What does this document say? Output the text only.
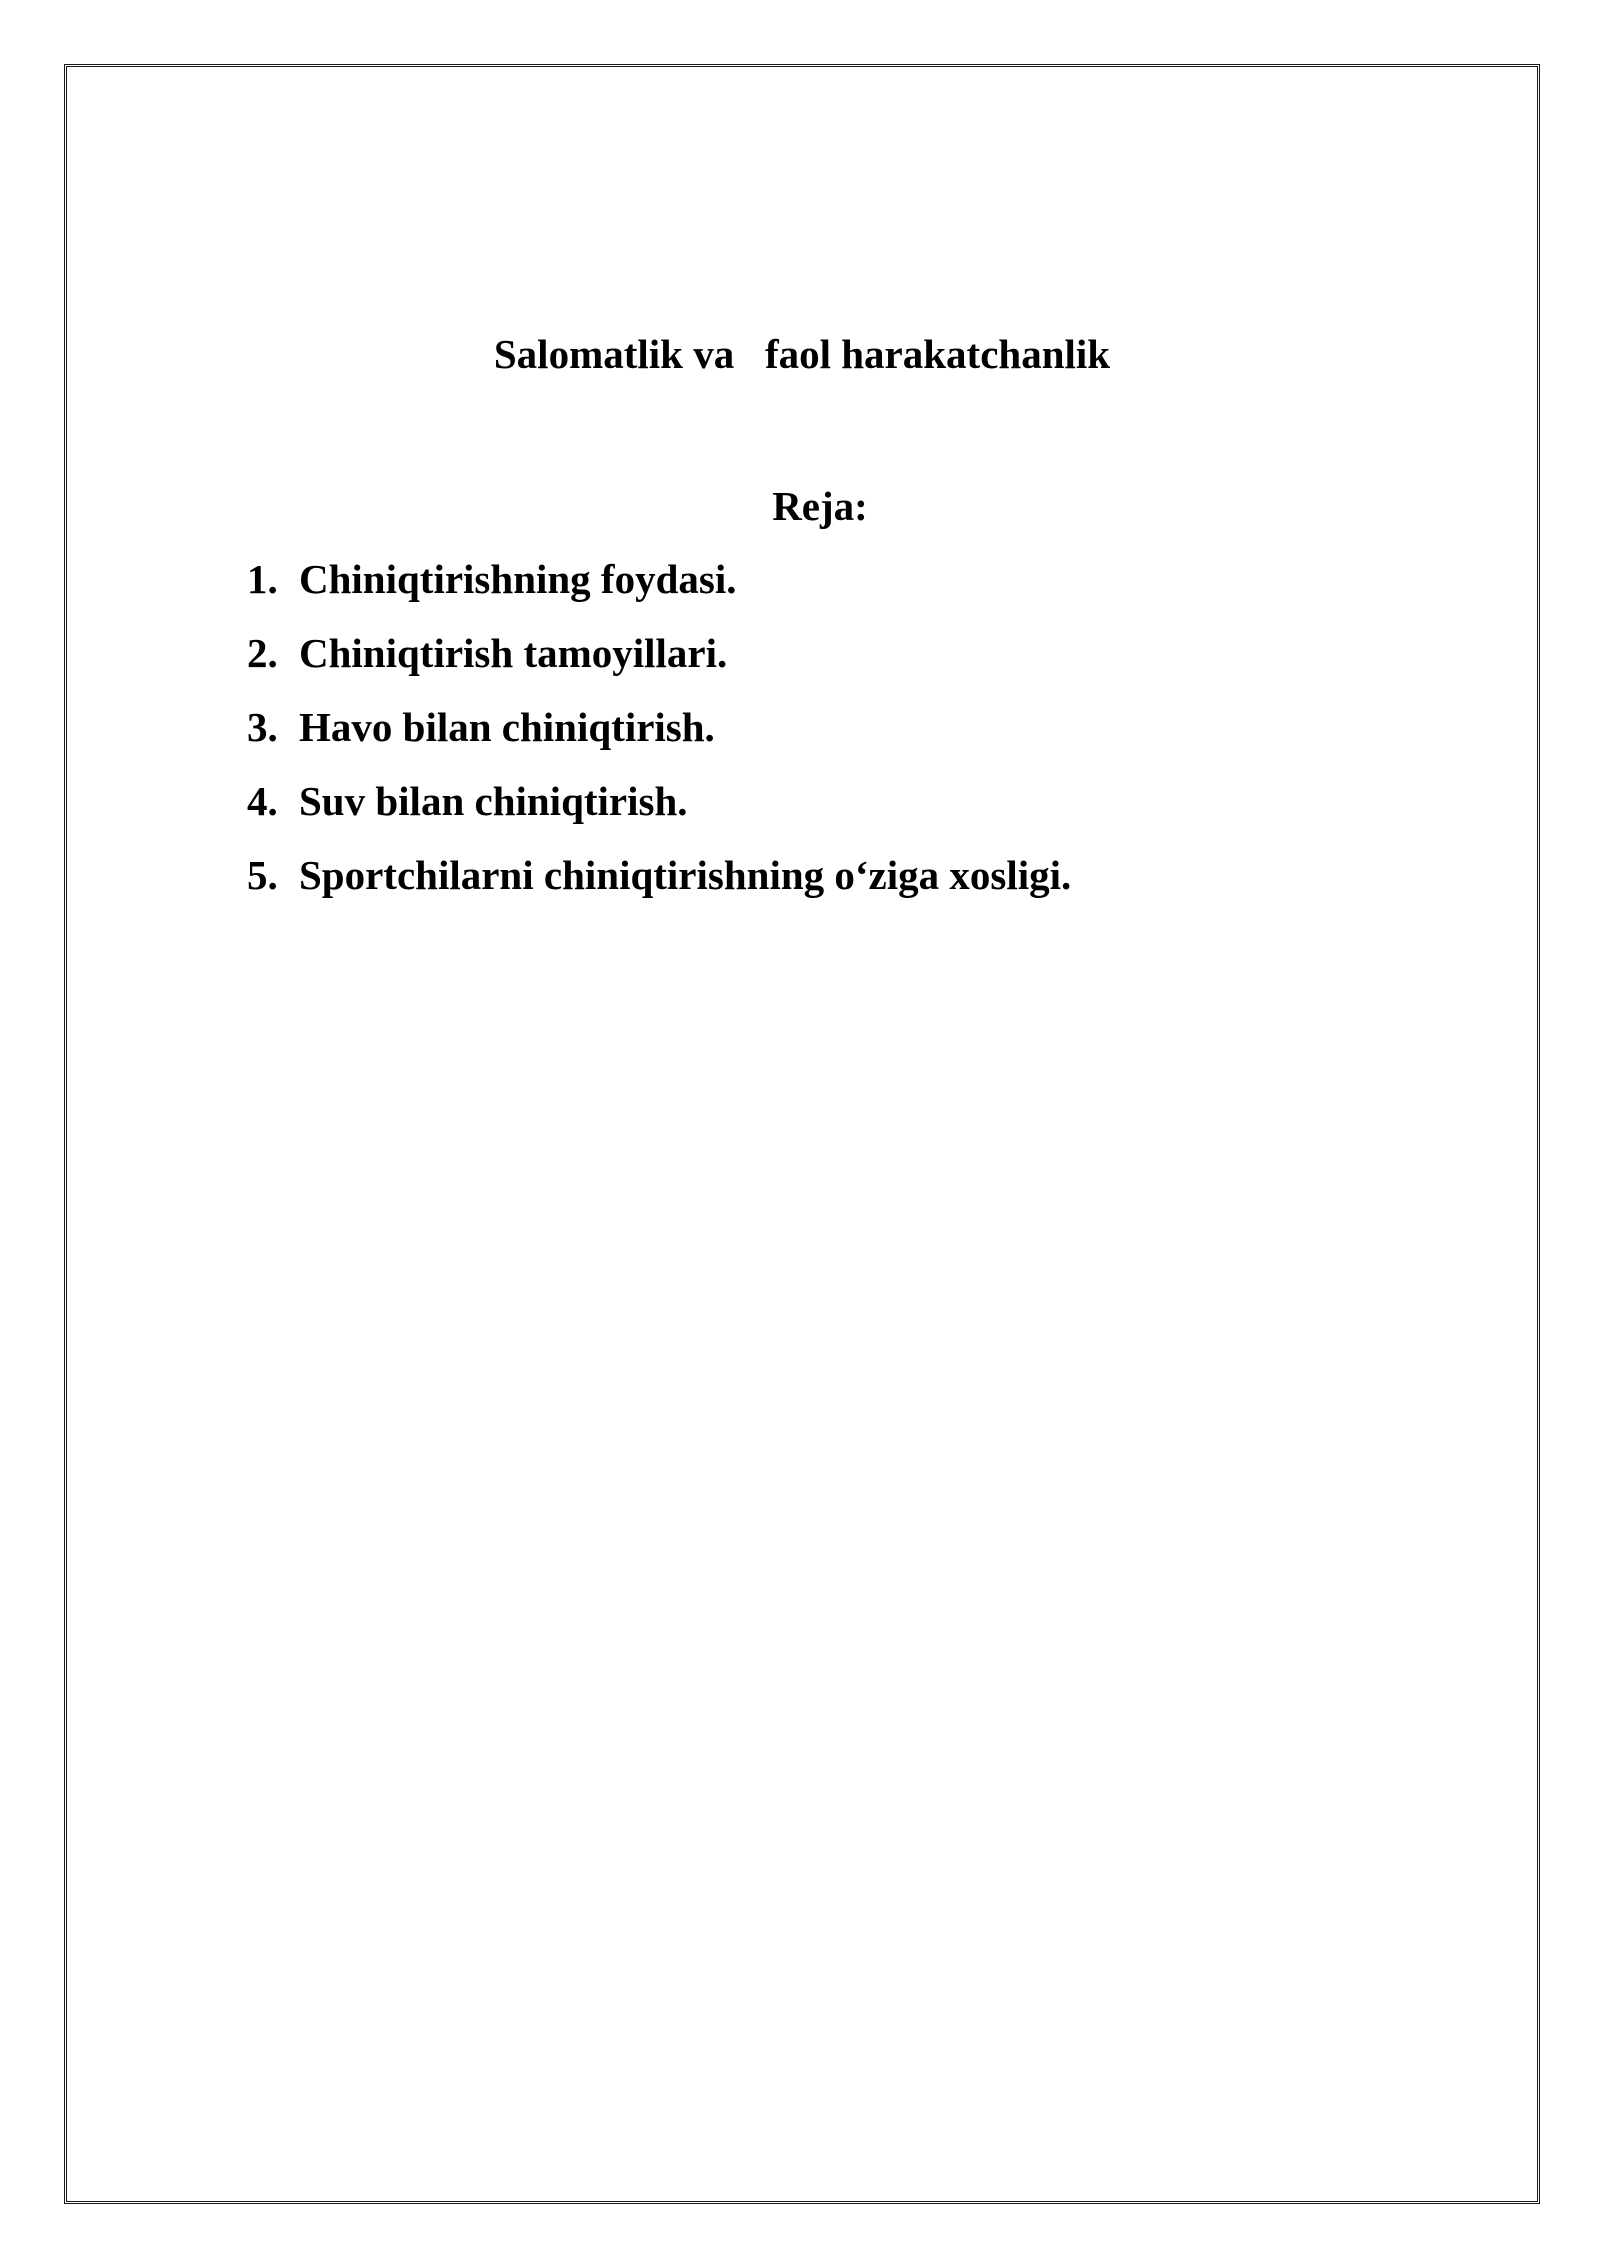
Salomatlik va   faol harakatchanlik
Reja:
1. Chiniqtirishning foydasi.
2. Chiniqtirish tamoyillari.
3. Havo bilan chiniqtirish.
4. Suv bilan chiniqtirish.
5. Sportchilarni chiniqtirishning o‘ziga xosligi.
